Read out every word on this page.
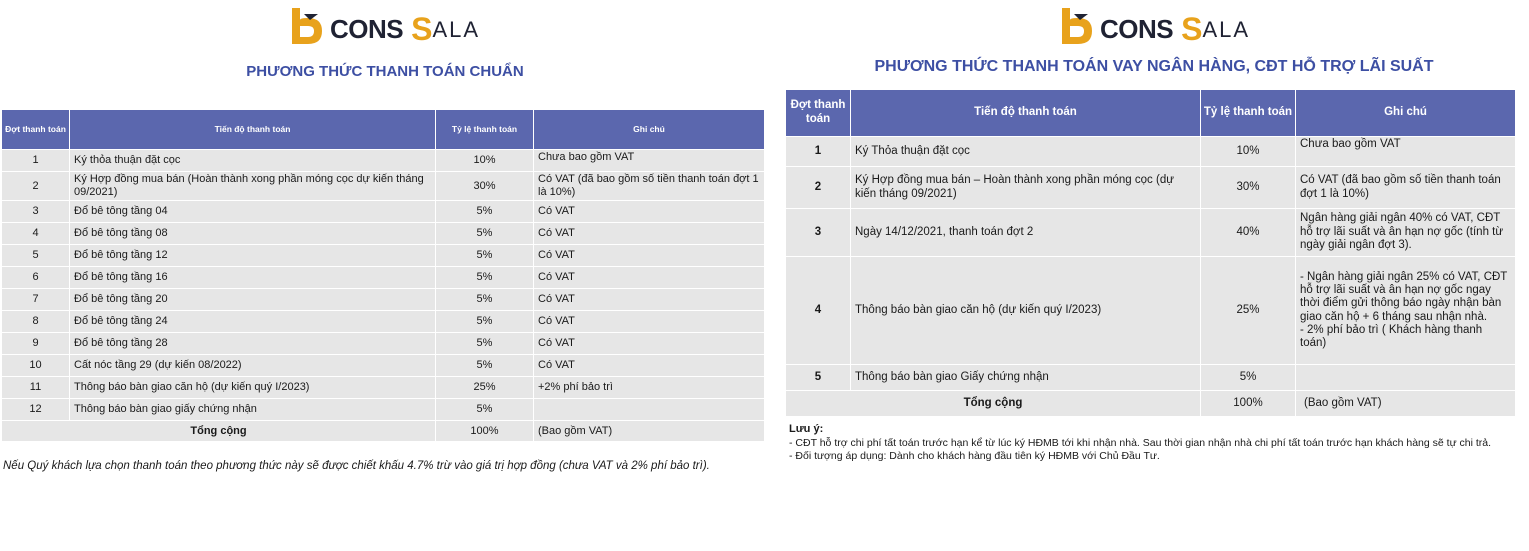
CONS S ALA	CONS S ALA
PHƯƠNG THỨC THANH TOÁN CHUẨN	PHƯƠNG THỨC THANH TOÁN VAY NGÂN HÀNG, CĐT HỖ TRỢ LÃI SUẤT
Đợt thanh toán	Tiến độ thanh toán	Tỷ lệ thanh toán	Ghi chú
1	Ký thỏa thuận đặt cọc	10%	Chưa bao gồm VAT
2	Ký Hợp đồng mua bán (Hoàn thành xong phần móng cọc dự kiến tháng 09/2021)	30%	Có VAT (đã bao gồm số tiền thanh toán đợt 1 là 10%)
3	Đổ bê tông tầng 04	5%	Có VAT
4	Đổ bê tông tầng 08	5%	Có VAT
5	Đổ bê tông tầng 12	5%	Có VAT
6	Đổ bê tông tầng 16	5%	Có VAT
7	Đổ bê tông tầng 20	5%	Có VAT
8	Đổ bê tông tầng 24	5%	Có VAT
9	Đổ bê tông tầng 28	5%	Có VAT
10	Cất nóc tầng 29 (dự kiến 08/2022)	5%	Có VAT
11	Thông báo bàn giao căn hộ (dự kiến quý I/2023)	25%	+2% phí bảo trì
12	Thông báo bàn giao giấy chứng nhận	5%	
Tổng cộng		100%	(Bao gồm VAT)
Nếu Quý khách lựa chọn thanh toán theo phương thức này sẽ được chiết khấu 4.7% trừ vào giá trị hợp đồng (chưa VAT và 2% phí bảo trì).
Đợt thanh toán	Tiến độ thanh toán	Tỷ lệ thanh toán	Ghi chú
1	Ký Thỏa thuận đặt cọc	10%	Chưa bao gồm VAT
2	Ký Hợp đồng mua bán – Hoàn thành xong phần móng cọc (dự kiến tháng 09/2021)	30%	Có VAT (đã bao gồm số tiền thanh toán đợt 1 là 10%)
3	Ngày 14/12/2021, thanh toán đợt 2	40%	Ngân hàng giải ngân 40% có VAT, CĐT hỗ trợ lãi suất và ân hạn nợ gốc (tính từ ngày giải ngân đợt 3).
4	Thông báo bàn giao căn hộ (dự kiến quý I/2023)	25%	- Ngân hàng giải ngân 25% có VAT, CĐT hỗ trợ lãi suất và ân hạn nợ gốc ngay thời điểm gửi thông báo ngày nhận bàn giao căn hộ + 6 tháng sau nhận nhà.
- 2% phí bảo trì ( Khách hàng thanh toán)
5	Thông báo bàn giao Giấy chứng nhận	5%	
Tổng cộng		100%	(Bao gồm VAT)
Lưu ý:
- CĐT hỗ trợ chi phí tất toán trước hạn kể từ lúc ký HĐMB tới khi nhận nhà. Sau thời gian nhận nhà chi phí tất toán trước hạn khách hàng sẽ tự chi trả.
- Đối tượng áp dụng: Dành cho khách hàng đầu tiên ký HĐMB với Chủ Đầu Tư.
